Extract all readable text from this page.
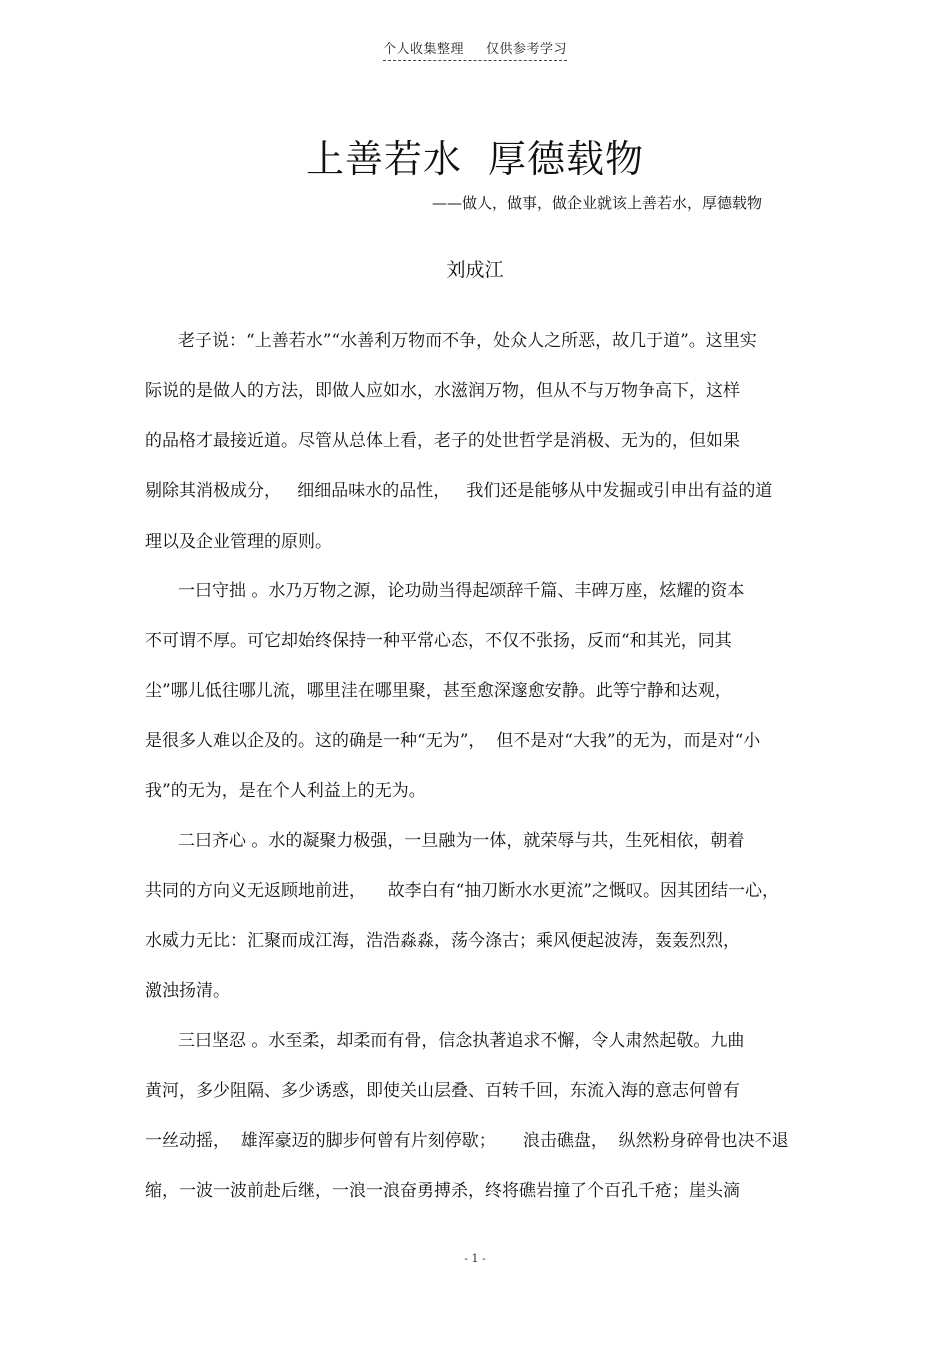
个人收集整理 仅供参考学习
上善若水 厚德载物
——做人，做事，做企业就该上善若水，厚德载物
刘成江
老子说：“上善若水”“水善利万物而不争，处众人之所恶，故几于道”。这里实
际说的是做人的方法，即做人应如水，水滋润万物，但从不与万物争高下，这样
的品格才最接近道。尽管从总体上看，老子的处世哲学是消极、无为的，但如果
剔除其消极成分，   细细品味水的品性，   我们还是能够从中发掘或引申出有益的道
理以及企业管理的原则。
一曰守拙 。水乃万物之源，论功勋当得起颂辞千篇、丰碑万座，炫耀的资本
不可谓不厚。可它却始终保持一种平常心态，不仅不张扬，反而“和其光，同其
尘”哪儿低往哪儿流，哪里洼在哪里聚，甚至愈深邃愈安静。此等宁静和达观，
是很多人难以企及的。这的确是一种“无为”，  但不是对“大我”的无为，而是对“小
我”的无为，是在个人利益上的无为。
二曰齐心 。水的凝聚力极强，一旦融为一体，就荣辱与共，生死相依，朝着
共同的方向义无返顾地前进，    故李白有“抽刀断水水更流”之慨叹。因其团结一心，
水威力无比：汇聚而成江海，浩浩淼淼，荡今涤古；乘风便起波涛，轰轰烈烈，
激浊扬清。
三曰坚忍 。水至柔，却柔而有骨，信念执著追求不懈，令人肃然起敬。九曲
黄河，多少阻隔、多少诱惑，即使关山层叠、百转千回，东流入海的意志何曾有
一丝动摇，  雄浑豪迈的脚步何曾有片刻停歇；     浪击礁盘，  纵然粉身碎骨也决不退
缩，一波一波前赴后继，一浪一浪奋勇搏杀，终将礁岩撞了个百孔千疮；崖头滴
- 1 -
